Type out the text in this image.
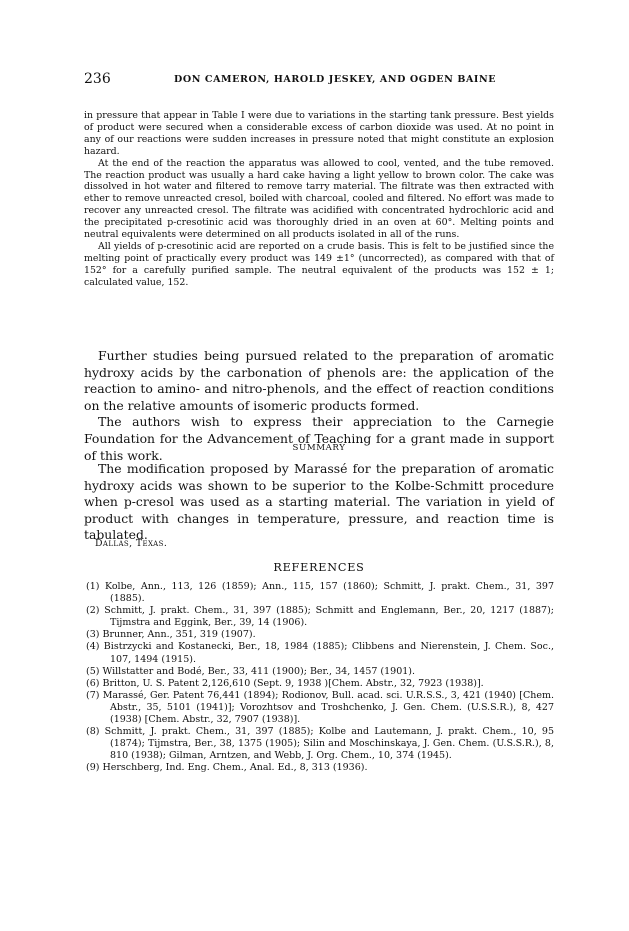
236	DON CAMERON, HAROLD JESKEY, AND OGDEN BAINE

in pressure that appear in Table I were due to variations in the starting tank pressure. Best yields of product were secured when a considerable excess of carbon dioxide was used. At no point in any of our reactions were sudden increases in pressure noted that might constitute an explosion hazard.

At the end of the reaction the apparatus was allowed to cool, vented, and the tube removed. The reaction product was usually a hard cake having a light yellow to brown color. The cake was dissolved in hot water and filtered to remove tarry material. The filtrate was then extracted with ether to remove unreacted cresol, boiled with charcoal, cooled and filtered. No effort was made to recover any unreacted cresol. The filtrate was acidified with concentrated hydrochloric acid and the precipitated p-cresotinic acid was thoroughly dried in an oven at 60°. Melting points and neutral equivalents were determined on all products isolated in all of the runs.

All yields of p-cresotinic acid are reported on a crude basis. This is felt to be justified since the melting point of practically every product was 149 ±1° (uncorrected), as compared with that of 152° for a carefully purified sample. The neutral equivalent of the products was 152 ± 1; calculated value, 152.

Further studies being pursued related to the preparation of aromatic hydroxy acids by the carbonation of phenols are: the application of the reaction to amino- and nitro-phenols, and the effect of reaction conditions on the relative amounts of isomeric products formed.

The authors wish to express their appreciation to the Carnegie Foundation for the Advancement of Teaching for a grant made in support of this work.	SUMMARY

The modification proposed by Marassé for the preparation of aromatic hydroxy acids was shown to be superior to the Kolbe-Schmitt procedure when p-cresol was used as a starting material. The variation in yield of product with changes in temperature, pressure, and reaction time is tabulated.

Dallas, Texas.
REFERENCES

(1) Kolbe, Ann., 113, 126 (1859); Ann., 115, 157 (1860); Schmitt, J. prakt. Chem., 31, 397 (1885).

(2) Schmitt, J. prakt. Chem., 31, 397 (1885); Schmitt and Englemann, Ber., 20, 1217 (1887); Tijmstra and Eggink, Ber., 39, 14 (1906).

(3) Brunner, Ann., 351, 319 (1907).

(4) Bistrzycki and Kostanecki, Ber., 18, 1984 (1885); Clibbens and Nierenstein, J. Chem. Soc., 107, 1494 (1915).

(5) Willstatter and Bodé, Ber., 33, 411 (1900); Ber., 34, 1457 (1901).

(6) Britton, U. S. Patent 2,126,610 (Sept. 9, 1938 )[Chem. Abstr., 32, 7923 (1938)].

(7) Marassé, Ger. Patent 76,441 (1894); Rodionov, Bull. acad. sci. U.R.S.S., 3, 421 (1940) [Chem. Abstr., 35, 5101 (1941)]; Vorozhtsov and Troshchenko, J. Gen. Chem. (U.S.S.R.), 8, 427 (1938) [Chem. Abstr., 32, 7907 (1938)].

(8) Schmitt, J. prakt. Chem., 31, 397 (1885); Kolbe and Lautemann, J. prakt. Chem., 10, 95 (1874); Tijmstra, Ber., 38, 1375 (1905); Silin and Moschinskaya, J. Gen. Chem. (U.S.S.R.), 8, 810 (1938); Gilman, Arntzen, and Webb, J. Org. Chem., 10, 374 (1945).

(9) Herschberg, Ind. Eng. Chem., Anal. Ed., 8, 313 (1936).
